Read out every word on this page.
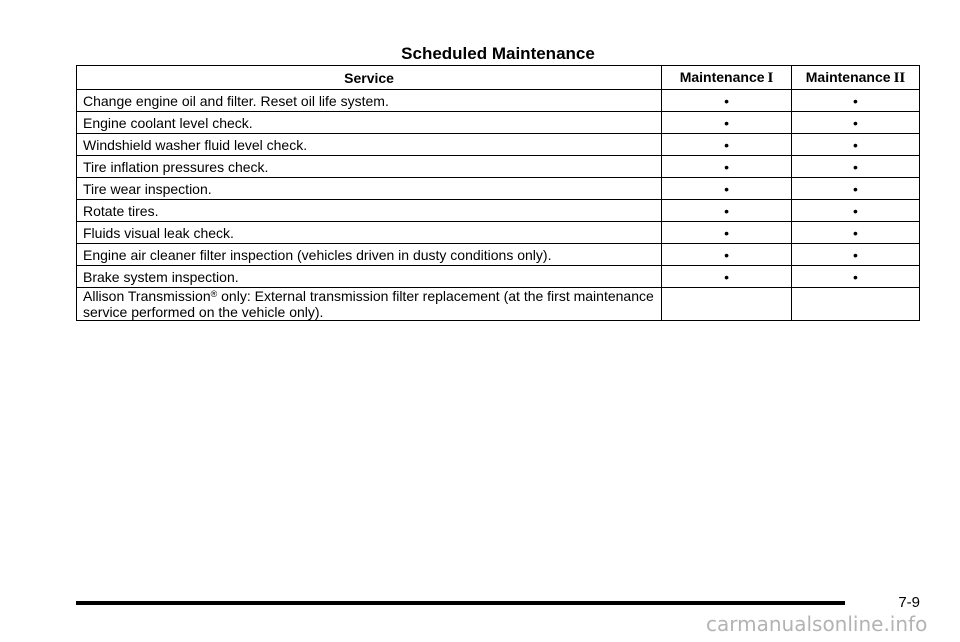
Scheduled Maintenance
Service	Maintenance I	Maintenance II
Change engine oil and filter. Reset oil life system.	•	•
Engine coolant level check.	•	•
Windshield washer fluid level check.	•	•
Tire inflation pressures check.	•	•
Tire wear inspection.	•	•
Rotate tires.	•	•
Fluids visual leak check.	•	•
Engine air cleaner filter inspection (vehicles driven in dusty conditions only).	•	•
Brake system inspection.	•	•
Allison Transmission® only: External transmission filter replacement (at the first maintenance service performed on the vehicle only).		
7-9
carmanualsonline.info
